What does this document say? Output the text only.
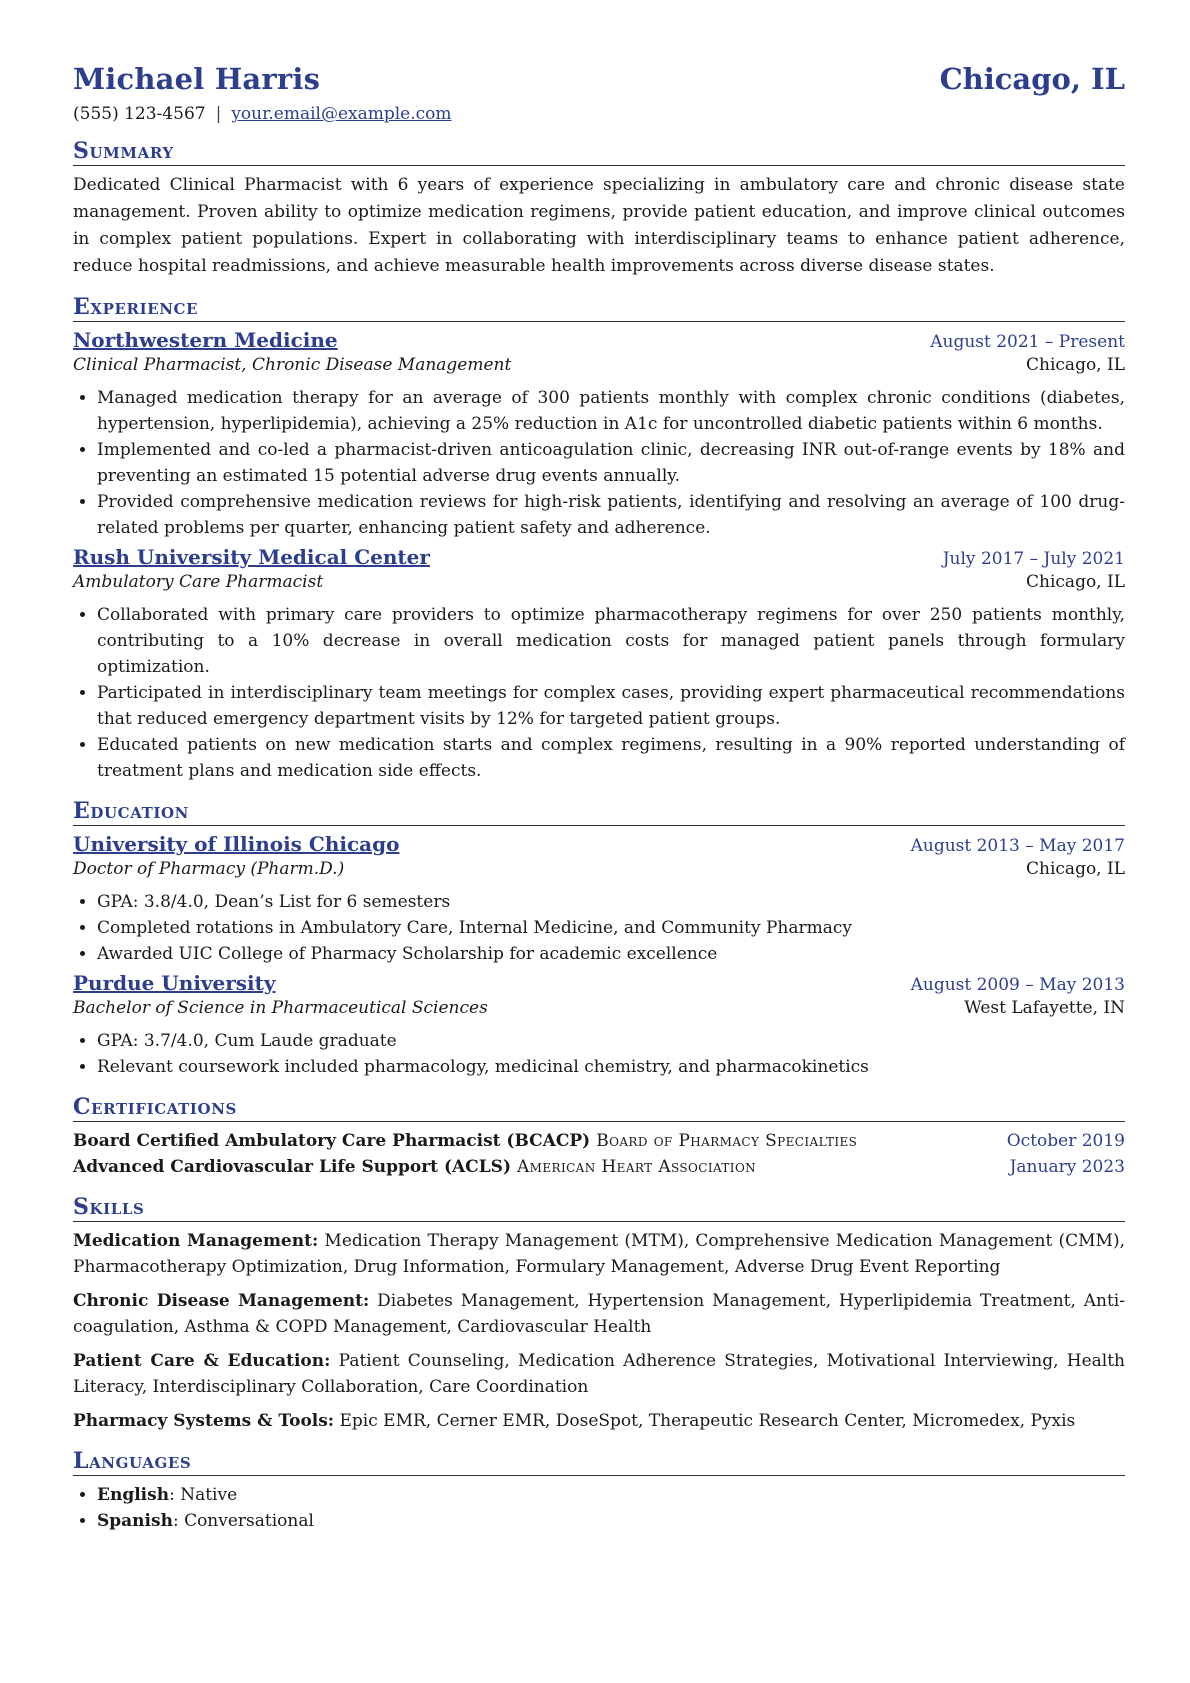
Michael Harris	Chicago, IL
(555) 123-4567 | your.email@example.com
Summary
Dedicated Clinical Pharmacist with 6 years of experience specializing in ambulatory care and chronic disease state management. Proven ability to optimize medication regimens, provide patient education, and improve clinical outcomes in complex patient populations. Expert in collaborating with interdisciplinary teams to enhance patient adherence, reduce hospital readmissions, and achieve measurable health improvements across diverse disease states.
Experience
Northwestern Medicine	August 2021 – Present
Clinical Pharmacist, Chronic Disease Management	Chicago, IL
• Managed medication therapy for an average of 300 patients monthly with complex chronic conditions (diabetes, hypertension, hyperlipidemia), achieving a 25% reduction in A1c for uncontrolled diabetic patients within 6 months.
• Implemented and co-led a pharmacist-driven anticoagulation clinic, decreasing INR out-of-range events by 18% and preventing an estimated 15 potential adverse drug events annually.
• Provided comprehensive medication reviews for high-risk patients, identifying and resolving an average of 100 drug-related problems per quarter, enhancing patient safety and adherence.
Rush University Medical Center	July 2017 – July 2021
Ambulatory Care Pharmacist	Chicago, IL
• Collaborated with primary care providers to optimize pharmacotherapy regimens for over 250 patients monthly, contributing to a 10% decrease in overall medication costs for managed patient panels through formulary optimization.
• Participated in interdisciplinary team meetings for complex cases, providing expert pharmaceutical recommendations that reduced emergency department visits by 12% for targeted patient groups.
• Educated patients on new medication starts and complex regimens, resulting in a 90% reported understanding of treatment plans and medication side effects.
Education
University of Illinois Chicago	August 2013 – May 2017
Doctor of Pharmacy (Pharm.D.)	Chicago, IL
• GPA: 3.8/4.0, Dean’s List for 6 semesters
• Completed rotations in Ambulatory Care, Internal Medicine, and Community Pharmacy
• Awarded UIC College of Pharmacy Scholarship for academic excellence
Purdue University	August 2009 – May 2013
Bachelor of Science in Pharmaceutical Sciences	West Lafayette, IN
• GPA: 3.7/4.0, Cum Laude graduate
• Relevant coursework included pharmacology, medicinal chemistry, and pharmacokinetics
Certifications
Board Certified Ambulatory Care Pharmacist (BCACP) Board of Pharmacy Specialties	October 2019
Advanced Cardiovascular Life Support (ACLS) American Heart Association	January 2023
Skills
Medication Management: Medication Therapy Management (MTM), Comprehensive Medication Management (CMM), Pharmacotherapy Optimization, Drug Information, Formulary Management, Adverse Drug Event Reporting
Chronic Disease Management: Diabetes Management, Hypertension Management, Hyperlipidemia Treatment, Anti-coagulation, Asthma & COPD Management, Cardiovascular Health
Patient Care & Education: Patient Counseling, Medication Adherence Strategies, Motivational Interviewing, Health Literacy, Interdisciplinary Collaboration, Care Coordination
Pharmacy Systems & Tools: Epic EMR, Cerner EMR, DoseSpot, Therapeutic Research Center, Micromedex, Pyxis
Languages
• English: Native
• Spanish: Conversational
